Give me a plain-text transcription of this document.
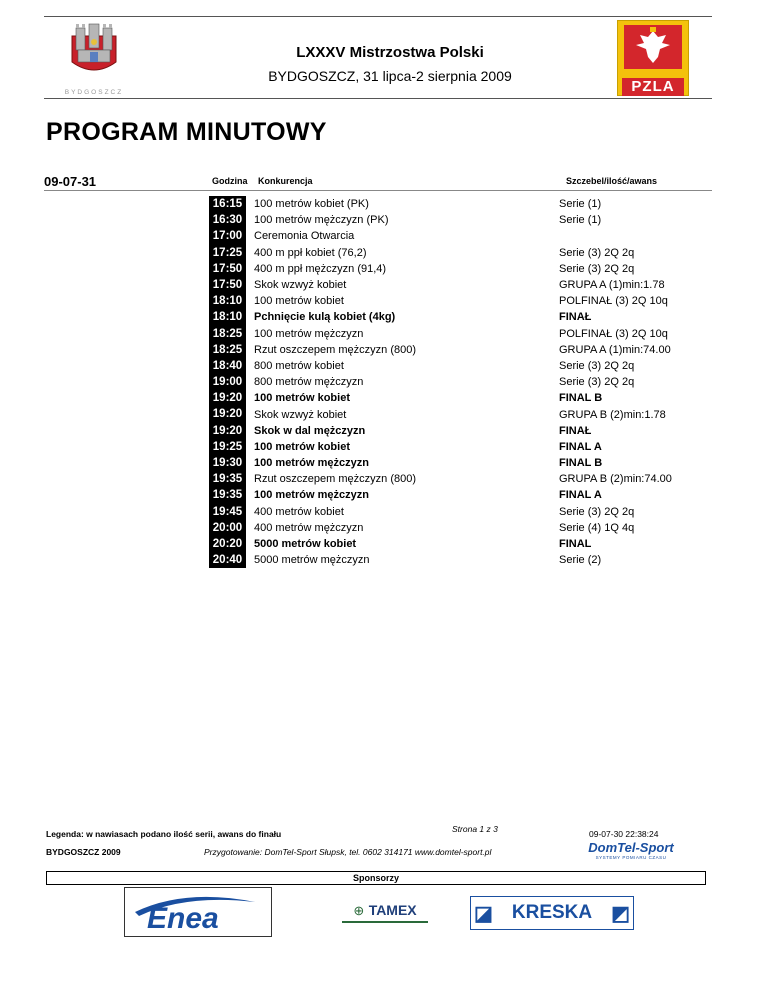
BYDGOSZCZ	PZLA
LXXXV Mistrzostwa Polski
BYDGOSZCZ, 31 lipca-2 sierpnia 2009
PROGRAM MINUTOWY
09-07-31	Godzina Konkurencja	Szczebel/ilość/awans
16:15	100 metrów kobiet (PK)	Serie (1)
16:30	100 metrów mężczyzn (PK)	Serie (1)
17:00	Ceremonia Otwarcia
17:25	400 m ppł kobiet (76,2)	Serie (3) 2Q 2q
17:50	400 m ppł mężczyzn (91,4)	Serie (3) 2Q 2q
17:50	Skok wzwyż kobiet	GRUPA A (1)min:1.78
18:10	100 metrów kobiet	POLFINAŁ (3) 2Q 10q
18:10	Pchnięcie kulą kobiet (4kg)	FINAŁ
18:25	100 metrów mężczyzn	POLFINAŁ (3) 2Q 10q
18:25	Rzut oszczepem mężczyzn (800)	GRUPA A (1)min:74.00
18:40	800 metrów kobiet	Serie (3) 2Q 2q
19:00	800 metrów mężczyzn	Serie (3) 2Q 2q
19:20	100 metrów kobiet	FINAL B
19:20	Skok wzwyż kobiet	GRUPA B (2)min:1.78
19:20	Skok w dal mężczyzn	FINAŁ
19:25	100 metrów kobiet	FINAL A
19:30	100 metrów mężczyzn	FINAL B
19:35	Rzut oszczepem mężczyzn (800)	GRUPA B (2)min:74.00
19:35	100 metrów mężczyzn	FINAL A
19:45	400 metrów kobiet	Serie (3) 2Q 2q
20:00	400 metrów mężczyzn	Serie (4) 1Q 4q
20:20	5000 metrów kobiet	FINAL
20:40	5000 metrów mężczyzn	Serie (2)
Legenda: w nawiasach podano ilość serii, awans do finału	Strona 1 z 3	09-07-30 22:38:24
BYDGOSZCZ 2009	Przygotowanie: DomTel-Sport Słupsk, tel. 0602 314171 www.domtel-sport.pl	DomTel-Sport
SYSTEMY POMIARU CZASU
Sponsorzy
Enea	⊕ TAMEX	◪ KRESKA ◩
